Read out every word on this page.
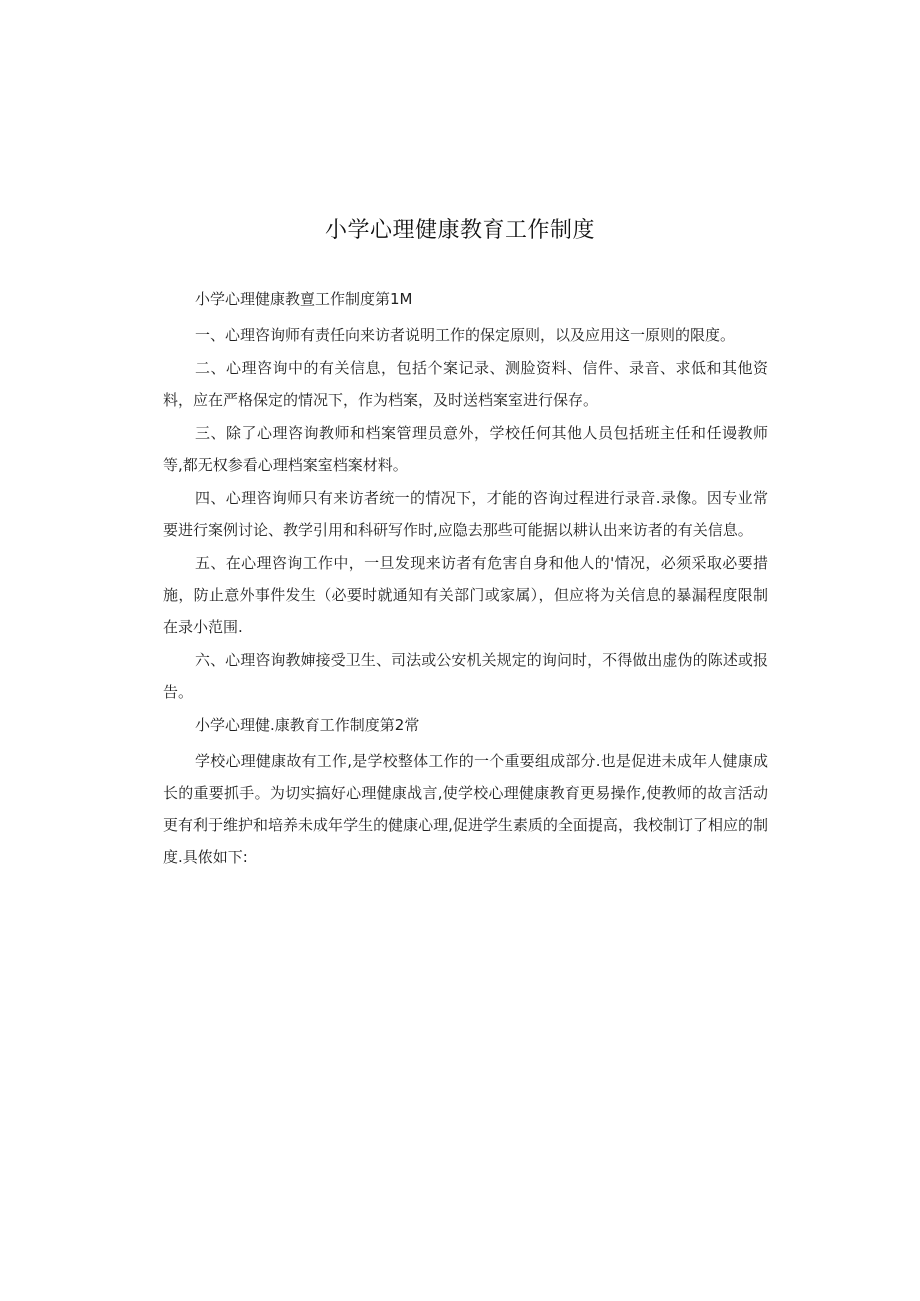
小学心理健康教育工作制度

小学心理健康教亶工作制度第1M

一、心理咨询师有责任向来访者说明工作的保定原则，以及应用这一原则的限度。

二、心理咨询中的有关信息，包括个案记录、测脸资料、信件、录音、求低和其他资料，应在严格保定的情况下，作为档案，及时送档案室进行保存。

三、除了心理咨询教师和档案管理员意外，学校任何其他人员包括班主任和任谩教师等,都无权参看心理档案室档案材料。

四、心理咨询师只有来访者统一的情况下，才能的咨询过程进行录音.录像。因专业常要进行案例讨论、教学引用和科研写作时,应隐去那些可能据以耕认出来访者的有关信息。

五、在心理咨询工作中，一旦发现来访者有危害自身和他人的'情况，必须采取必要措施，防止意外事件发生（必要时就通知有关部门或家属），但应将为关信息的暴漏程度限制在录小范围.

六、心理咨询教婶接受卫生、司法或公安机关规定的询问时，不得做出虚伪的陈述或报告。

小学心理健.康教育工作制度第2常

学校心理健康故有工作,是学校整体工作的一个重要组成部分.也是促进未成年人健康成长的重要抓手。为切实搞好心理健康战言,使学校心理健康教育更易操作,使教师的故言活动更有利于维护和培养未成年学生的健康心理,促进学生素质的全面提高，我校制订了相应的制度.具侬如下:
